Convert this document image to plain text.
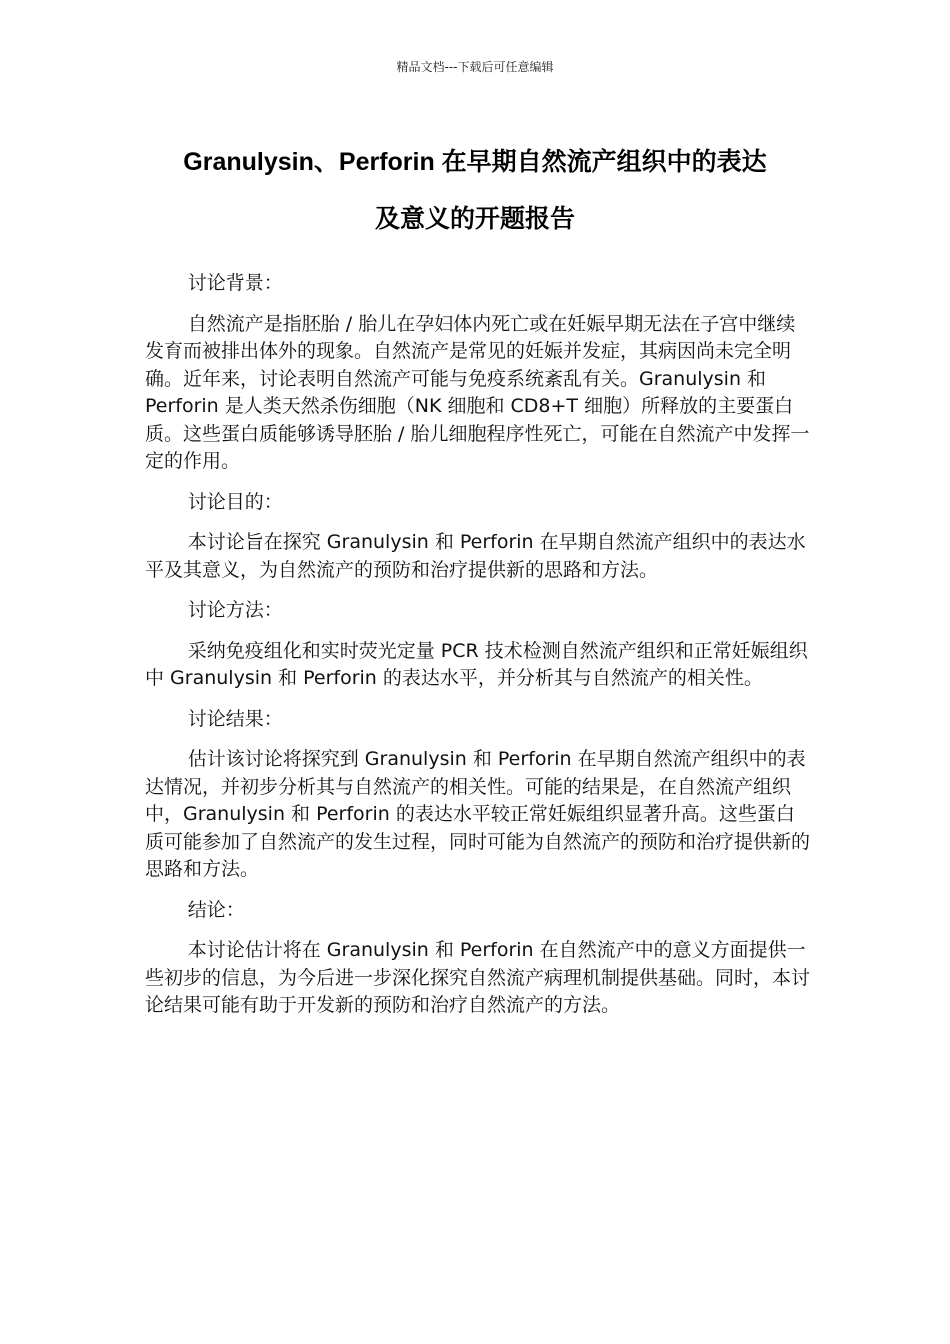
精品文档---下载后可任意编辑
Granulysin、Perforin 在早期自然流产组织中的表达
及意义的开题报告

讨论背景：

自然流产是指胚胎 / 胎儿在孕妇体内死亡或在妊娠早期无法在子宫中继续发育而被排出体外的现象。自然流产是常见的妊娠并发症，其病因尚未完全明确。近年来，讨论表明自然流产可能与免疫系统紊乱有关。Granulysin 和 Perforin 是人类天然杀伤细胞（NK 细胞和 CD8+T 细胞）所释放的主要蛋白质。这些蛋白质能够诱导胚胎 / 胎儿细胞程序性死亡，可能在自然流产中发挥一定的作用。

讨论目的：

本讨论旨在探究 Granulysin 和 Perforin 在早期自然流产组织中的表达水平及其意义，为自然流产的预防和治疗提供新的思路和方法。

讨论方法：

采纳免疫组化和实时荧光定量 PCR 技术检测自然流产组织和正常妊娠组织中 Granulysin 和 Perforin 的表达水平，并分析其与自然流产的相关性。

讨论结果：

估计该讨论将探究到 Granulysin 和 Perforin 在早期自然流产组织中的表达情况，并初步分析其与自然流产的相关性。可能的结果是，在自然流产组织中，Granulysin 和 Perforin 的表达水平较正常妊娠组织显著升高。这些蛋白质可能参加了自然流产的发生过程，同时可能为自然流产的预防和治疗提供新的思路和方法。

结论：

本讨论估计将在 Granulysin 和 Perforin 在自然流产中的意义方面提供一些初步的信息，为今后进一步深化探究自然流产病理机制提供基础。同时，本讨论结果可能有助于开发新的预防和治疗自然流产的方法。
